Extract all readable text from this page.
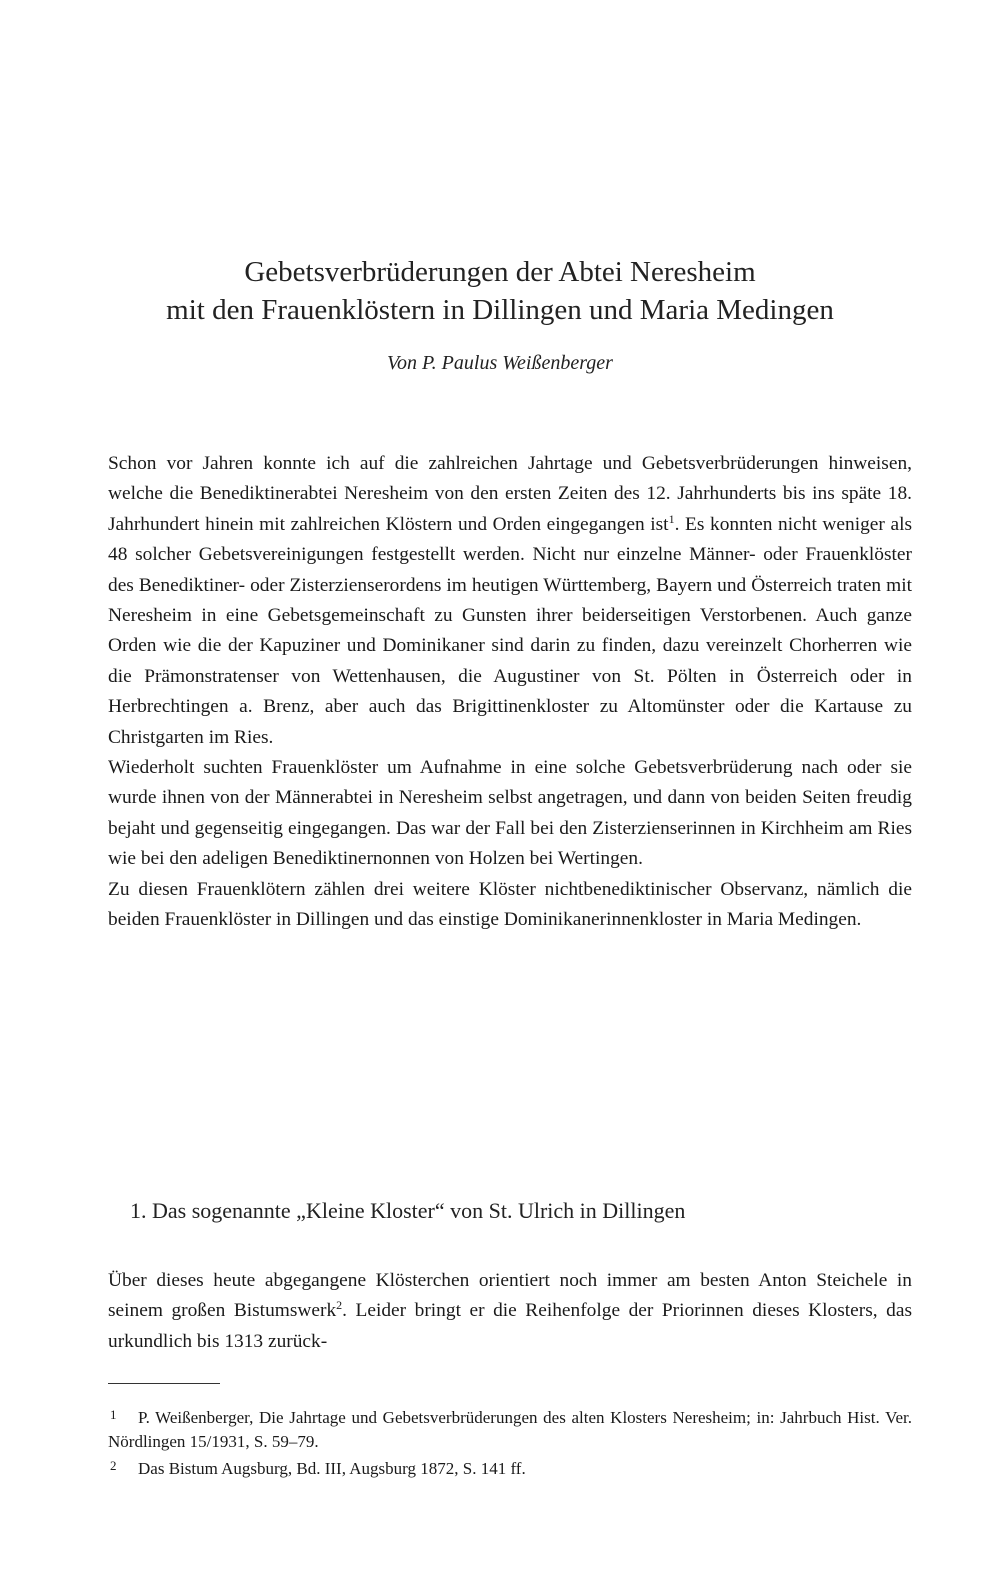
Gebetsverbrüderungen der Abtei Neresheim
mit den Frauenklöstern in Dillingen und Maria Medingen
Von P. Paulus Weißenberger

Schon vor Jahren konnte ich auf die zahlreichen Jahrtage und Gebetsverbrüderungen hinweisen, welche die Benediktinerabtei Neresheim von den ersten Zeiten des 12. Jahrhunderts bis ins späte 18. Jahrhundert hinein mit zahlreichen Klöstern und Orden eingegangen ist$^1$. Es konnten nicht weniger als 48 solcher Gebetsvereinigungen festgestellt werden. Nicht nur einzelne Männer- oder Frauenklöster des Benediktiner- oder Zisterzienserordens im heutigen Württemberg, Bayern und Österreich traten mit Neresheim in eine Gebetsgemeinschaft zu Gunsten ihrer beiderseitigen Verstorbenen. Auch ganze Orden wie die der Kapuziner und Dominikaner sind darin zu finden, dazu vereinzelt Chorherren wie die Prämonstratenser von Wettenhausen, die Augustiner von St. Pölten in Österreich oder in Herbrechtingen a. Brenz, aber auch das Brigittinenkloster zu Altomünster oder die Kartause zu Christgarten im Ries.

Wiederholt suchten Frauenklöster um Aufnahme in eine solche Gebetsverbrüderung nach oder sie wurde ihnen von der Männerabtei in Neresheim selbst angetragen, und dann von beiden Seiten freudig bejaht und gegenseitig eingegangen. Das war der Fall bei den Zisterzienserinnen in Kirchheim am Ries wie bei den adeligen Benediktinernonnen von Holzen bei Wertingen.

Zu diesen Frauenklötern zählen drei weitere Klöster nichtbenediktinischer Observanz, nämlich die beiden Frauenklöster in Dillingen und das einstige Dominikanerinnenkloster in Maria Medingen.

1. Das sogenannte „Kleine Kloster“ von St. Ulrich in Dillingen

Über dieses heute abgegangene Klösterchen orientiert noch immer am besten Anton Steichele in seinem großen Bistumswerk$^2$. Leider bringt er die Reihenfolge der Priorinnen dieses Klosters, das urkundlich bis 1313 zurück-

1 P. Weißenberger, Die Jahrtage und Gebetsverbrüderungen des alten Klosters Neresheim; in: Jahrbuch Hist. Ver. Nördlingen 15/1931, S. 59–79.

2 Das Bistum Augsburg, Bd. III, Augsburg 1872, S. 141 ff.
